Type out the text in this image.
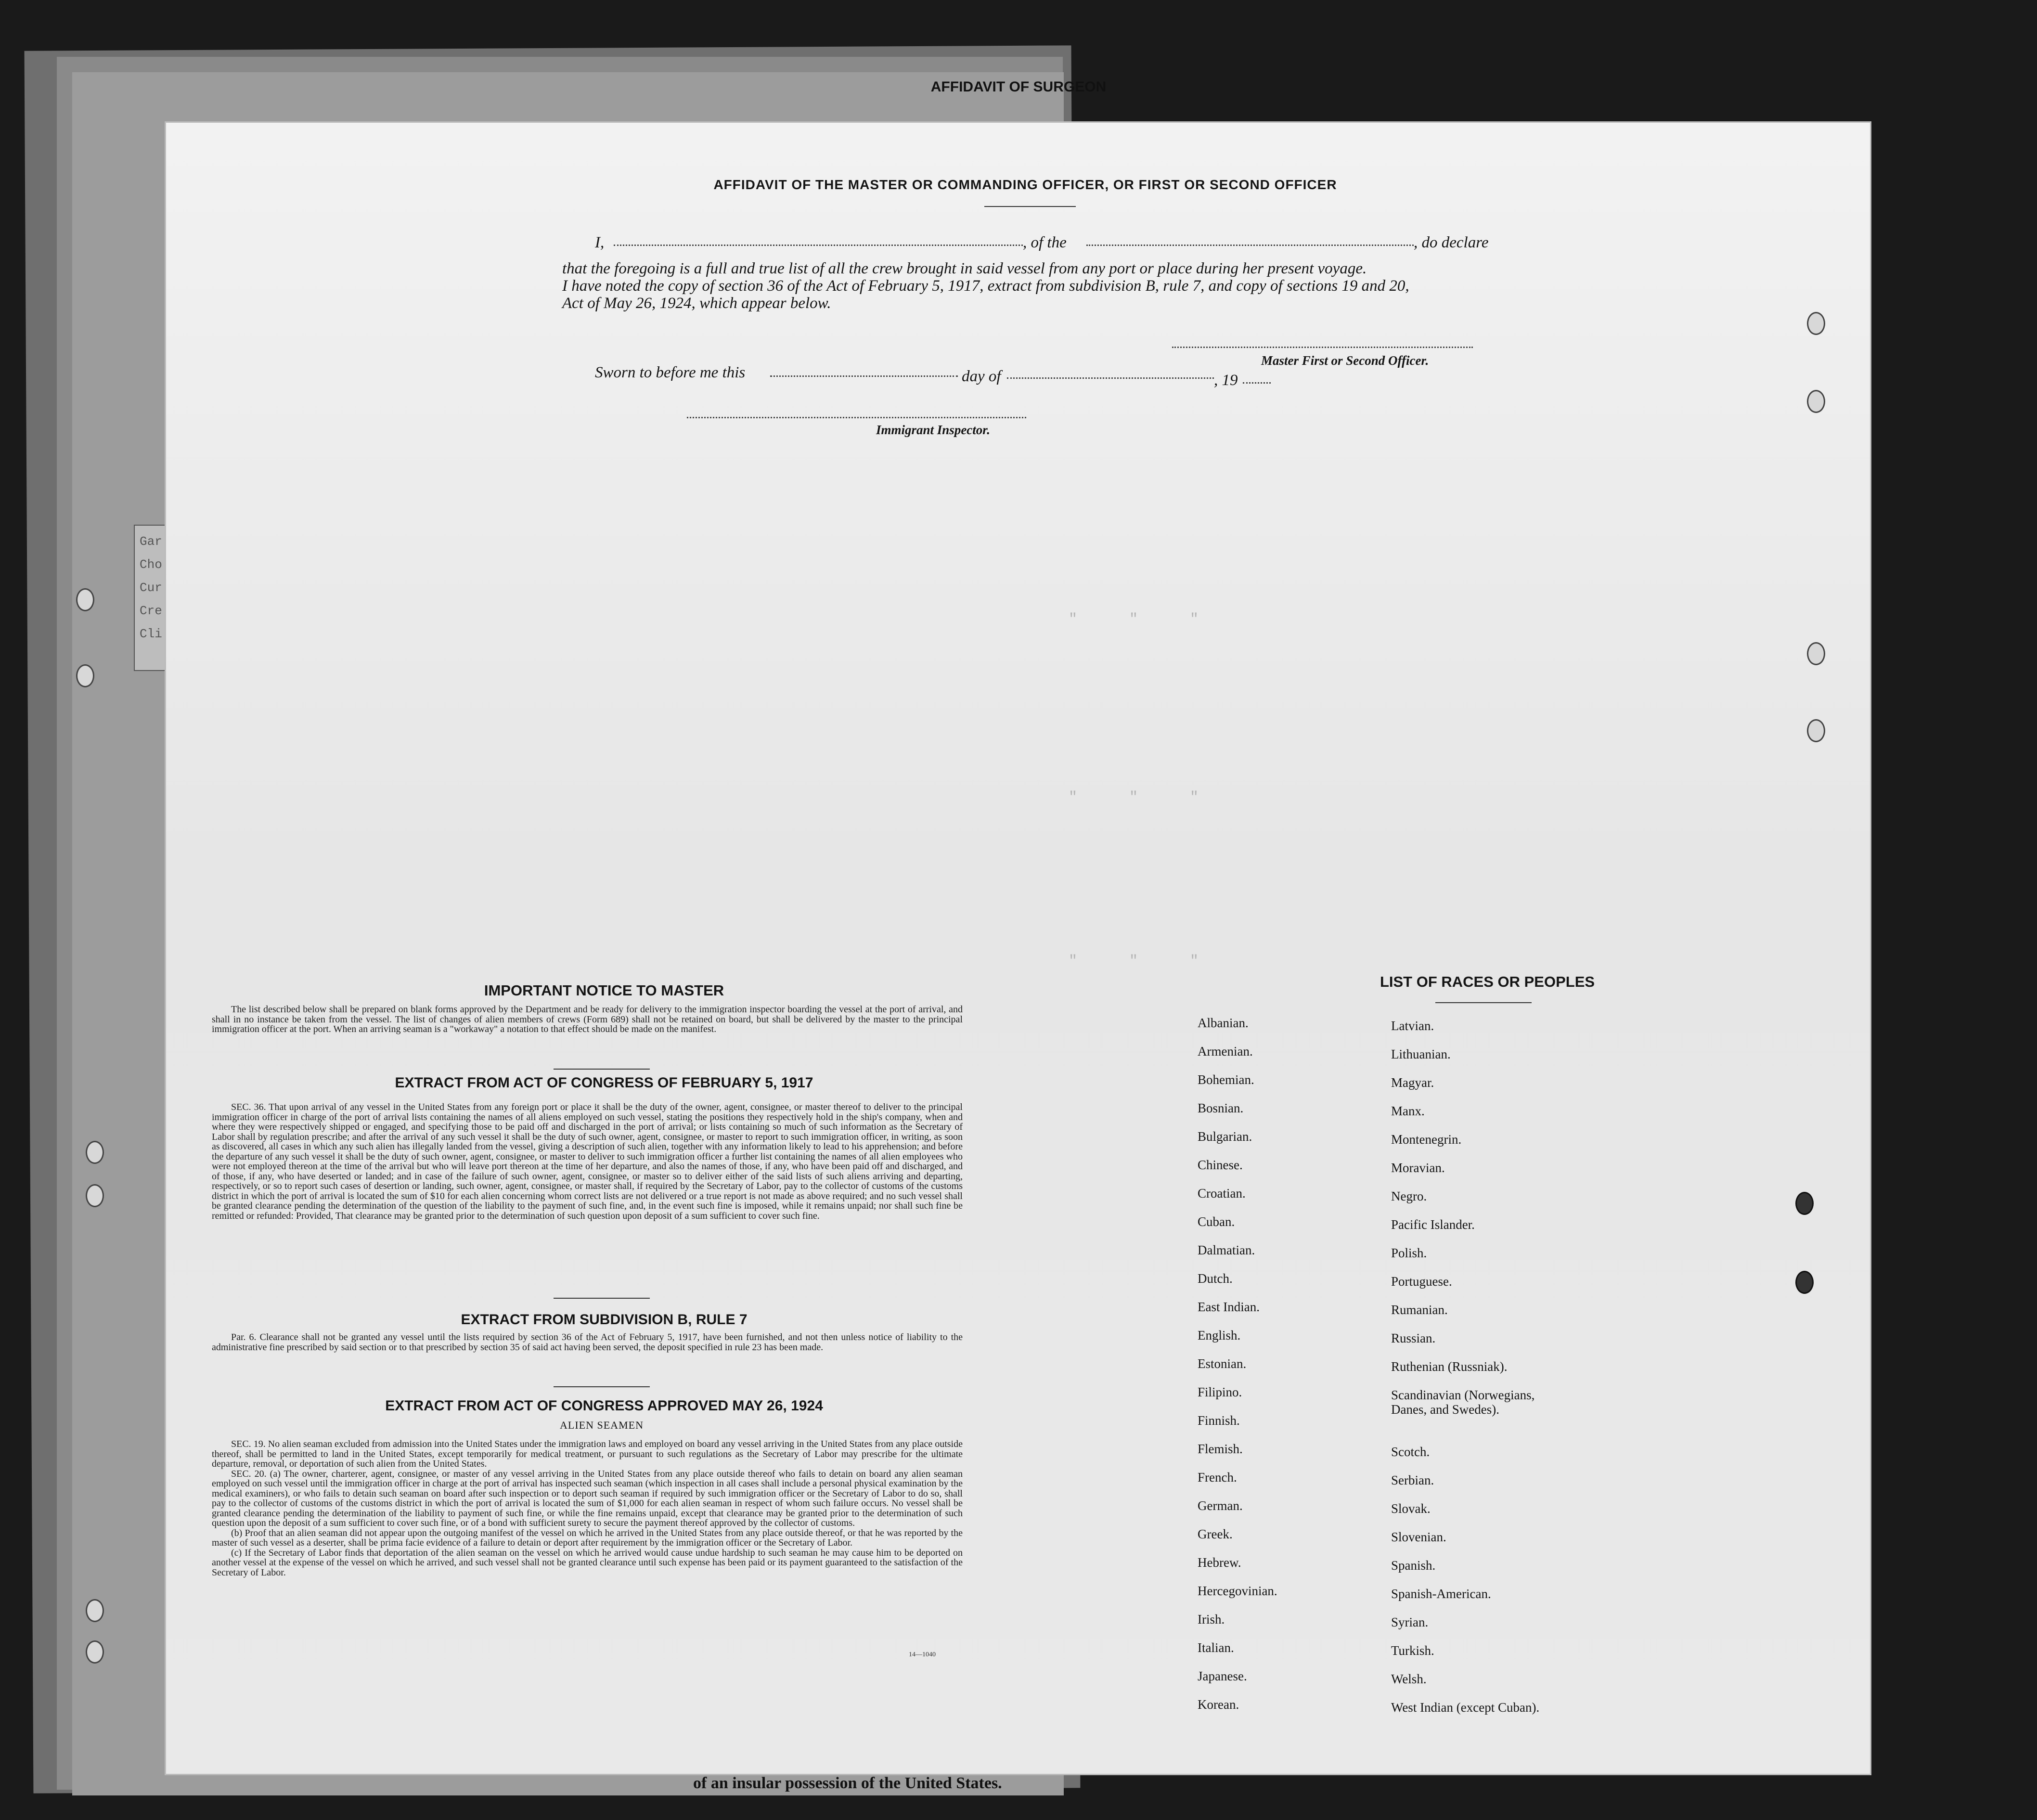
AFFIDAVIT OF SURGEON
Gar
Cho
Cur
Cre
Cli
of an insular possession of the United States.
"      "      "
"      "      "
"      "      "
AFFIDAVIT OF THE MASTER OR COMMANDING OFFICER, OR FIRST OR SECOND OFFICER
I,	, of the	, do declare
that the foregoing is a full and true list of all the crew brought in said vessel from any port or place during her present voyage.
I have noted the copy of section 36 of the Act of February 5, 1917, extract from subdivision B, rule 7, and copy of sections 19 and 20,
Act of May 26, 1924, which appear below.
Master First or Second Officer.
Sworn to before me this	day of	, 19
Immigrant Inspector.
IMPORTANT NOTICE TO MASTER
The list described below shall be prepared on blank forms approved by the Department and be ready for delivery to the immigration inspector boarding the vessel at the port of arrival, and shall in no instance be taken from the vessel. The list of changes of alien members of crews (Form 689) shall not be retained on board, but shall be delivered by the master to the principal immigration officer at the port. When an arriving seaman is a "workaway" a notation to that effect should be made on the manifest.
EXTRACT FROM ACT OF CONGRESS OF FEBRUARY 5, 1917
SEC. 36. That upon arrival of any vessel in the United States from any foreign port or place it shall be the duty of the owner, agent, consignee, or master thereof to deliver to the principal immigration officer in charge of the port of arrival lists containing the names of all aliens employed on such vessel, stating the positions they respectively hold in the ship's company, when and where they were respectively shipped or engaged, and specifying those to be paid off and discharged in the port of arrival; or lists containing so much of such information as the Secretary of Labor shall by regulation prescribe; and after the arrival of any such vessel it shall be the duty of such owner, agent, consignee, or master to report to such immigration officer, in writing, as soon as discovered, all cases in which any such alien has illegally landed from the vessel, giving a description of such alien, together with any information likely to lead to his apprehension; and before the departure of any such vessel it shall be the duty of such owner, agent, consignee, or master to deliver to such immigration officer a further list containing the names of all alien employees who were not employed thereon at the time of the arrival but who will leave port thereon at the time of her departure, and also the names of those, if any, who have been paid off and discharged, and of those, if any, who have deserted or landed; and in case of the failure of such owner, agent, consignee, or master so to deliver either of the said lists of such aliens arriving and departing, respectively, or so to report such cases of desertion or landing, such owner, agent, consignee, or master shall, if required by the Secretary of Labor, pay to the collector of customs of the customs district in which the port of arrival is located the sum of $10 for each alien concerning whom correct lists are not delivered or a true report is not made as above required; and no such vessel shall be granted clearance pending the determination of the question of the liability to the payment of such fine, and, in the event such fine is imposed, while it remains unpaid; nor shall such fine be remitted or refunded: Provided, That clearance may be granted prior to the determination of such question upon deposit of a sum sufficient to cover such fine.
EXTRACT FROM SUBDIVISION B, RULE 7
Par. 6. Clearance shall not be granted any vessel until the lists required by section 36 of the Act of February 5, 1917, have been furnished, and not then unless notice of liability to the administrative fine prescribed by said section or to that prescribed by section 35 of said act having been served, the deposit specified in rule 23 has been made.
EXTRACT FROM ACT OF CONGRESS APPROVED MAY 26, 1924
ALIEN SEAMEN
SEC. 19. No alien seaman excluded from admission into the United States under the immigration laws and employed on board any vessel arriving in the United States from any place outside thereof, shall be permitted to land in the United States, except temporarily for medical treatment, or pursuant to such regulations as the Secretary of Labor may prescribe for the ultimate departure, removal, or deportation of such alien from the United States.
SEC. 20. (a) The owner, charterer, agent, consignee, or master of any vessel arriving in the United States from any place outside thereof who fails to detain on board any alien seaman employed on such vessel until the immigration officer in charge at the port of arrival has inspected such seaman (which inspection in all cases shall include a personal physical examination by the medical examiners), or who fails to detain such seaman on board after such inspection or to deport such seaman if required by such immigration officer or the Secretary of Labor to do so, shall pay to the collector of customs of the customs district in which the port of arrival is located the sum of $1,000 for each alien seaman in respect of whom such failure occurs. No vessel shall be granted clearance pending the determination of the liability to payment of such fine, or while the fine remains unpaid, except that clearance may be granted prior to the determination of such question upon the deposit of a sum sufficient to cover such fine, or of a bond with sufficient surety to secure the payment thereof approved by the collector of customs.
(b) Proof that an alien seaman did not appear upon the outgoing manifest of the vessel on which he arrived in the United States from any place outside thereof, or that he was reported by the master of such vessel as a deserter, shall be prima facie evidence of a failure to detain or deport after requirement by the immigration officer or the Secretary of Labor.
(c) If the Secretary of Labor finds that deportation of the alien seaman on the vessel on which he arrived would cause undue hardship to such seaman he may cause him to be deported on another vessel at the expense of the vessel on which he arrived, and such vessel shall not be granted clearance until such expense has been paid or its payment guaranteed to the satisfaction of the Secretary of Labor.
14—1040
LIST OF RACES OR PEOPLES
Albanian.
Armenian.
Bohemian.
Bosnian.
Bulgarian.
Chinese.
Croatian.
Cuban.
Dalmatian.
Dutch.
East Indian.
English.
Estonian.
Filipino.
Finnish.
Flemish.
French.
German.
Greek.
Hebrew.
Hercegovinian.
Irish.
Italian.
Japanese.
Korean.
Latvian.
Lithuanian.
Magyar.
Manx.
Montenegrin.
Moravian.
Negro.
Pacific Islander.
Polish.
Portuguese.
Rumanian.
Russian.
Ruthenian (Russniak).
Scandinavian (Norwegians, Danes, and Swedes).
Scotch.
Serbian.
Slovak.
Slovenian.
Spanish.
Spanish-American.
Syrian.
Turkish.
Welsh.
West Indian (except Cuban).
